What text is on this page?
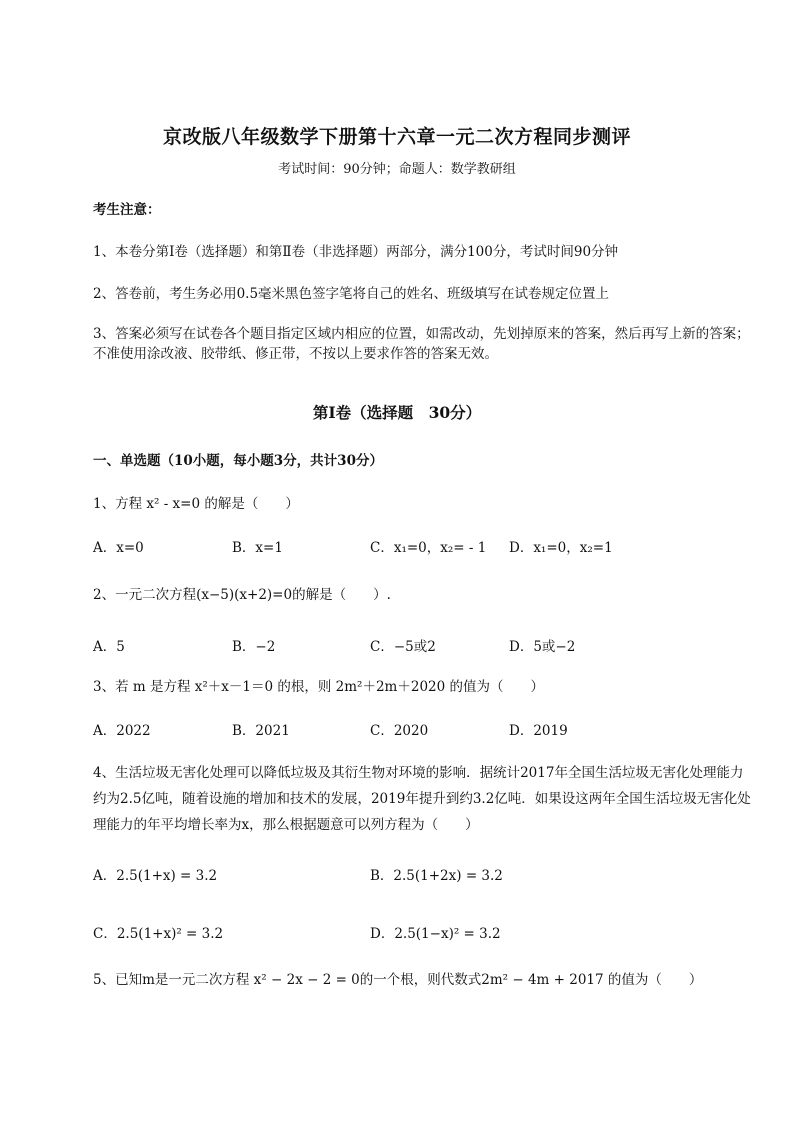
京改版八年级数学下册第十六章一元二次方程同步测评
考试时间：90分钟；命题人：数学教研组
考生注意：
1、本卷分第I卷（选择题）和第Ⅱ卷（非选择题）两部分，满分100分，考试时间90分钟
2、答卷前，考生务必用0.5毫米黑色签字笔将自己的姓名、班级填写在试卷规定位置上
3、答案必须写在试卷各个题目指定区域内相应的位置，如需改动，先划掉原来的答案，然后再写上新的答案；不准使用涂改液、胶带纸、修正带，不按以上要求作答的答案无效。
第I卷（选择题　30分）
一、单选题（10小题，每小题3分，共计30分）
1、方程 x² - x=0 的解是（　　）
A．x=0	B．x=1	C．x₁=0，x₂= - 1 D．x₁=0，x₂=1
2、一元二次方程(x−5)(x+2)=0的解是（　　）.
A．5	B．−2	C．−5或2	D．5或−2
3、若 m 是方程 x²＋x－1＝0 的根，则 2m²＋2m＋2020 的值为（　　）
A．2022	B．2021	C．2020	D．2019
4、生活垃圾无害化处理可以降低垃圾及其衍生物对环境的影响．据统计2017年全国生活垃圾无害化处理能力约为2.5亿吨，随着设施的增加和技术的发展，2019年提升到约3.2亿吨．如果设这两年全国生活垃圾无害化处理能力的年平均增长率为x，那么根据题意可以列方程为（　　）
A．2.5(1+x) = 3.2	B．2.5(1+2x) = 3.2
C．2.5(1+x)² = 3.2	D．2.5(1−x)² = 3.2
5、已知m是一元二次方程 x² − 2x − 2 = 0的一个根，则代数式2m² − 4m + 2017 的值为（　　）
